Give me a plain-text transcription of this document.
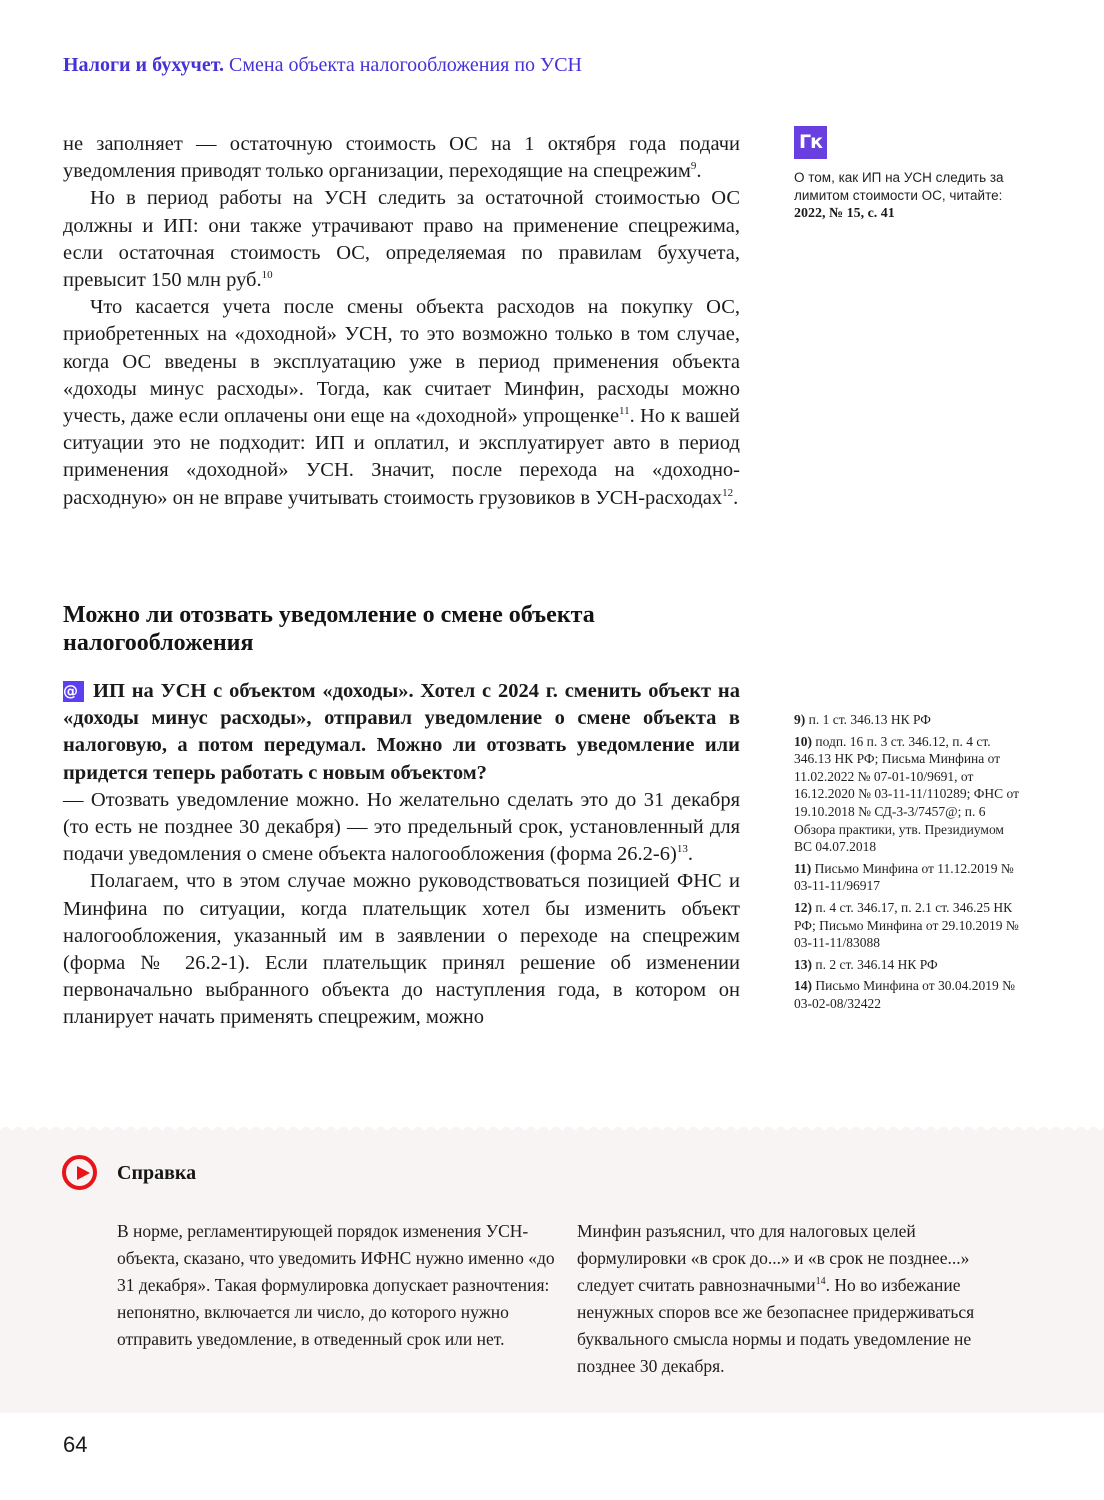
Налоги и бухучет. Смена объекта налогообложения по УСН

не заполняет — остаточную стоимость ОС на 1 октября года подачи уведомления приводят только организации, переходящие на спецрежим$^9$.

Но в период работы на УСН следить за остаточной стоимостью ОС должны и ИП: они также утрачивают право на применение спецрежима, если остаточная стоимость ОС, определяемая по правилам бухучета, превысит 150 млн руб.$^{10}$

Что касается учета после смены объекта расходов на покупку ОС, приобретенных на «доходной» УСН, то это возможно только в том случае, когда ОС введены в эксплуатацию уже в период применения объекта «доходы минус расходы». Тогда, как считает Минфин, расходы можно учесть, даже если оплачены они еще на «доходной» упрощенке$^{11}$. Но к вашей ситуации это не подходит: ИП и оплатил, и эксплуатирует авто в период применения «доходной» УСН. Значит, после перехода на «доходно-расходную» он не вправе учитывать стоимость грузовиков в УСН-расходах$^{12}$.

Можно ли отозвать уведомление о смене объекта налогообложения

@ ИП на УСН с объектом «доходы». Хотел с 2024 г. сменить объект на «доходы минус расходы», отправил уведомление о смене объекта в налоговую, а потом передумал. Можно ли отозвать уведомление или придется теперь работать с новым объектом?

— Отозвать уведомление можно. Но желательно сделать это до 31 декабря (то есть не позднее 30 декабря) — это предельный срок, установленный для подачи уведомления о смене объекта налогообложения (форма 26.2-6)$^{13}$.

Полагаем, что в этом случае можно руководствоваться позицией ФНС и Минфина по ситуации, когда плательщик хотел бы изменить объект налогообложения, указанный им в заявлении о переходе на спецрежим (форма № 26.2-1). Если плательщик принял решение об изменении первоначально выбранного объекта до наступления года, в котором он планирует начать применять спецрежим, можно

Гк
О том, как ИП на УСН следить за лимитом стоимости ОС, читайте:
2022, № 15, с. 41
9) п. 1 ст. 346.13 НК РФ
10) подп. 16 п. 3 ст. 346.12, п. 4 ст. 346.13 НК РФ; Письма Минфина от 11.02.2022 № 07-01-10/9691, от 16.12.2020 № 03-11-11/110289; ФНС от 19.10.2018 № СД-3-3/7457@; п. 6 Обзора практики, утв. Президиумом ВС 04.07.2018
11) Письмо Минфина от 11.12.2019 № 03-11-11/96917
12) п. 4 ст. 346.17, п. 2.1 ст. 346.25 НК РФ; Письмо Минфина от 29.10.2019 № 03-11-11/83088
13) п. 2 ст. 346.14 НК РФ
14) Письмо Минфина от 30.04.2019 № 03-02-08/32422
Справка
В норме, регламентирующей порядок изменения УСН-объекта, сказано, что уведомить ИФНС нужно именно «до 31 декабря». Такая формулировка допускает разночтения: непонятно, включается ли число, до которого нужно отправить уведомление, в отведенный срок или нет.
Минфин разъяснил, что для налоговых целей формулировки «в срок до...» и «в срок не позднее...» следует считать равнозначными$^{14}$. Но во избежание ненужных споров все же безопаснее придерживаться буквального смысла нормы и подать уведомление не позднее 30 декабря.
64
